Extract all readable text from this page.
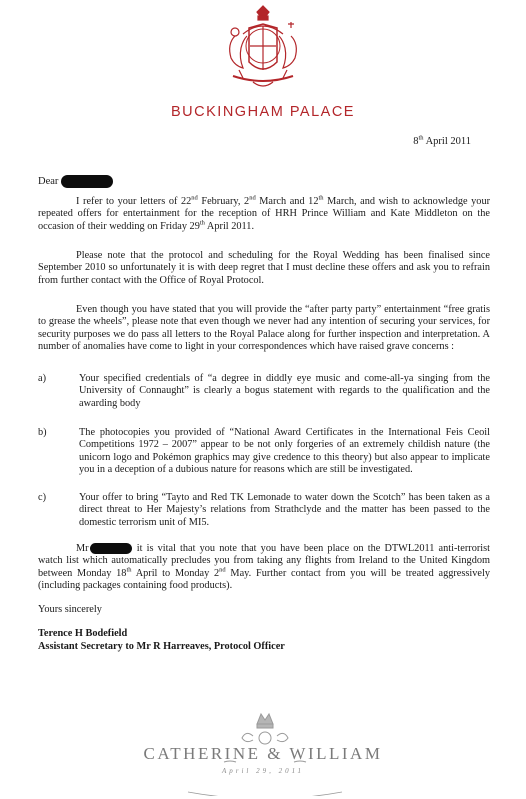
BUCKINGHAM PALACE
8th April 2011
Dear
I refer to your letters of 22nd February, 2nd March and 12th March, and wish to acknowledge your repeated offers for entertainment for the reception of HRH Prince William and Kate Middleton on the occasion of their wedding on Friday 29th April 2011.
Please note that the protocol and scheduling for the Royal Wedding has been finalised since September 2010 so unfortunately it is with deep regret that I must decline these offers and ask you to refrain from further contact with the Office of Royal Protocol.
Even though you have stated that you will provide the “after party party” entertainment “free gratis to grease the wheels”, please note that even though we never had any intention of securing your services, for security purposes we do pass all letters to the Royal Palace along for further inspection and interpretation. A number of anomalies have come to light in your correspondences which have raised grave concerns :
a)	Your specified credentials of “a degree in diddly eye music and come-all-ya singing from the University of Connaught” is clearly a bogus statement with regards to the qualification and the awarding body
b)	The photocopies you provided of “National Award Certificates in the International Feis Ceoil Competitions 1972 – 2007” appear to be not only forgeries of an extremely childish nature (the unicorn logo and Pokémon graphics may give credence to this theory) but also appear to implicate you in a deception of a dubious nature for reasons which are still be investigated.
c)	Your offer to bring “Tayto and Red TK Lemonade to water down the Scotch” has been taken as a direct threat to Her Majesty’s relations from Strathclyde and the matter has been passed to the domestic terrorism unit of MI5.
Mr	it is vital that you note that you have been place on the DTWL2011 anti-terrorist watch list which automatically precludes you from taking any flights from Ireland to the United Kingdom between Monday 18th April to Monday 2nd May. Further contact from you will be treated aggressively (including packages containing food products).
Yours sincerely
Terence H Bodefield
Assistant Secretary to Mr R Harreaves, Protocol Officer
CATHERINE & WILLIAM
April 29, 2011
